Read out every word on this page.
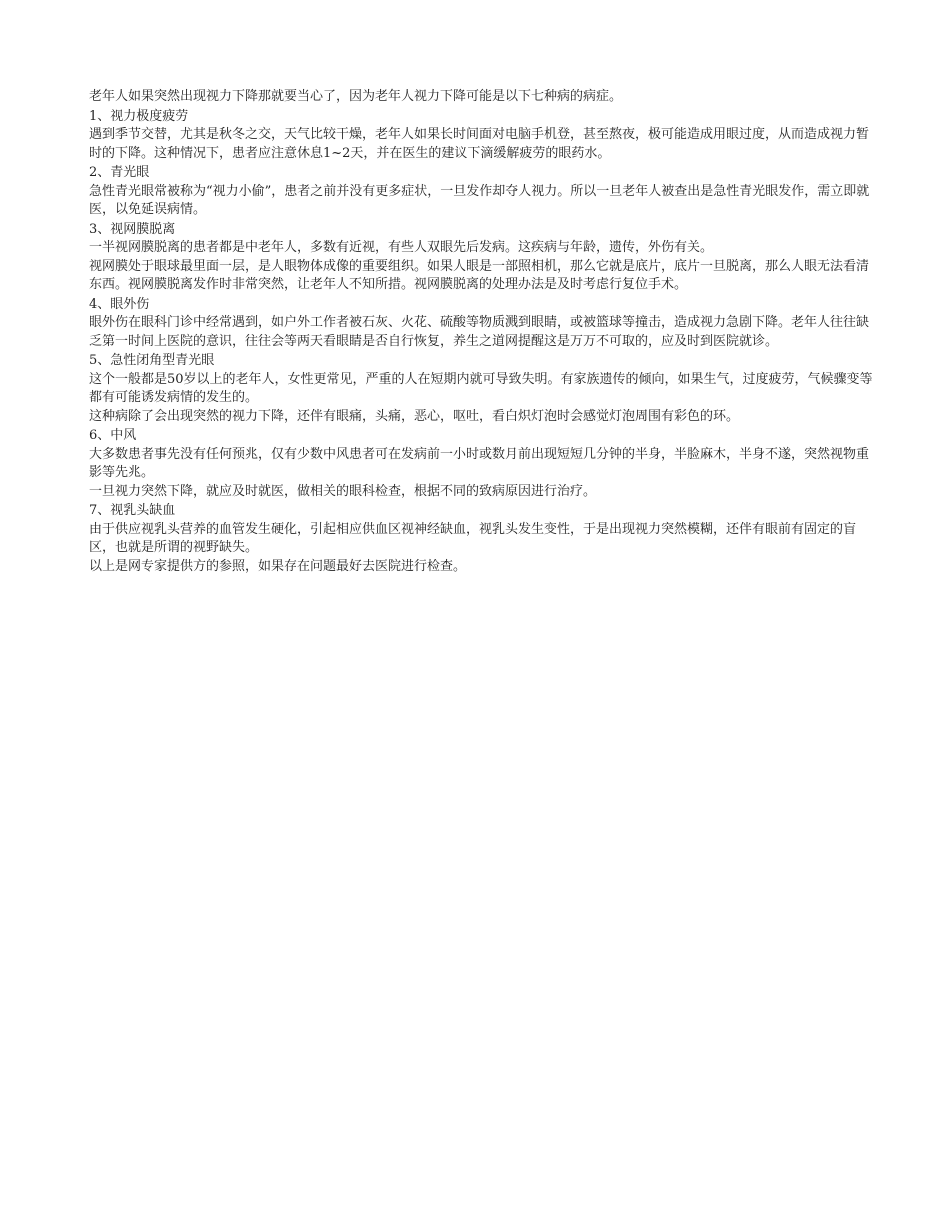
老年人如果突然出现视力下降那就要当心了，因为老年人视力下降可能是以下七种病的病症。

1、视力极度疲劳

遇到季节交替，尤其是秋冬之交，天气比较干燥，老年人如果长时间面对电脑手机登，甚至熬夜，极可能造成用眼过度，从而造成视力暂时的下降。这种情况下，患者应注意休息1~2天，并在医生的建议下滴缓解疲劳的眼药水。

2、青光眼

急性青光眼常被称为“视力小偷”，患者之前并没有更多症状，一旦发作却夺人视力。所以一旦老年人被查出是急性青光眼发作，需立即就医，以免延误病情。

3、视网膜脱离

一半视网膜脱离的患者都是中老年人，多数有近视，有些人双眼先后发病。这疾病与年龄，遗传，外伤有关。

视网膜处于眼球最里面一层，是人眼物体成像的重要组织。如果人眼是一部照相机，那么它就是底片，底片一旦脱离，那么人眼无法看清东西。视网膜脱离发作时非常突然，让老年人不知所措。视网膜脱离的处理办法是及时考虑行复位手术。

4、眼外伤

眼外伤在眼科门诊中经常遇到，如户外工作者被石灰、火花、硫酸等物质溅到眼睛，或被篮球等撞击，造成视力急剧下降。老年人往往缺乏第一时间上医院的意识，往往会等两天看眼睛是否自行恢复，养生之道网提醒这是万万不可取的，应及时到医院就诊。

5、急性闭角型青光眼

这个一般都是50岁以上的老年人，女性更常见，严重的人在短期内就可导致失明。有家族遗传的倾向，如果生气，过度疲劳，气候骤变等都有可能诱发病情的发生的。

这种病除了会出现突然的视力下降，还伴有眼痛，头痛，恶心，呕吐，看白炽灯泡时会感觉灯泡周围有彩色的环。

6、中风

大多数患者事先没有任何预兆，仅有少数中风患者可在发病前一小时或数月前出现短短几分钟的半身，半脸麻木，半身不遂，突然视物重影等先兆。

一旦视力突然下降，就应及时就医，做相关的眼科检查，根据不同的致病原因进行治疗。

7、视乳头缺血

由于供应视乳头营养的血管发生硬化，引起相应供血区视神经缺血，视乳头发生变性，于是出现视力突然模糊，还伴有眼前有固定的盲区，也就是所谓的视野缺失。

以上是网专家提供方的参照，如果存在问题最好去医院进行检查。
